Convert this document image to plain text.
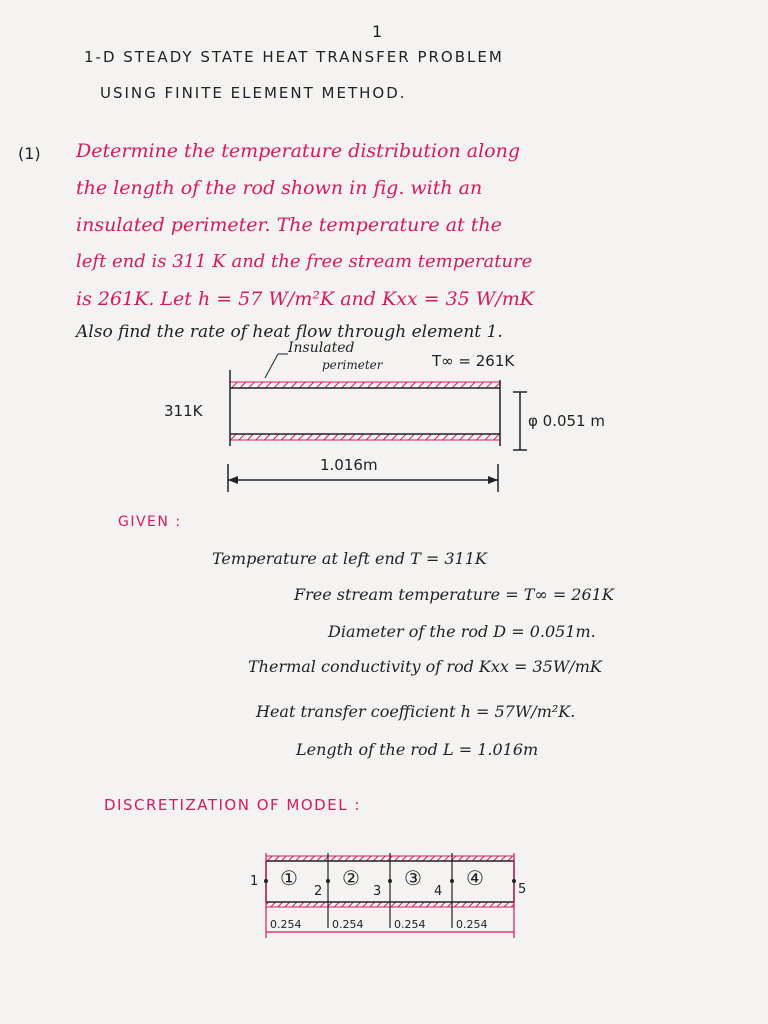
1
1-D STEADY STATE HEAT TRANSFER PROBLEM
USING FINITE ELEMENT METHOD.
(1) Determine the temperature distribution along
the length of the rod shown in fig. with an
insulated perimeter. The temperature at the
left end is 311 K and the free stream temperature
is 261K. Let h = 57 W/m²K and Kxx = 35 W/mK
Also find the rate of heat flow through element 1.
Insulated
perimeter	T∞ = 261K
311K
φ 0.051 m
1.016m
GIVEN :
Temperature at left end T = 311K
Free stream temperature = T∞ = 261K
Diameter of the rod D = 0.051m.
Thermal conductivity of rod Kxx = 35W/mK
Heat transfer coefficient h = 57W/m²K.
Length of the rod L = 1.016m
DISCRETIZATION OF MODEL :
① ② ③ ④
1
2	3	4	5
0.254	0.254	0.254	0.254
